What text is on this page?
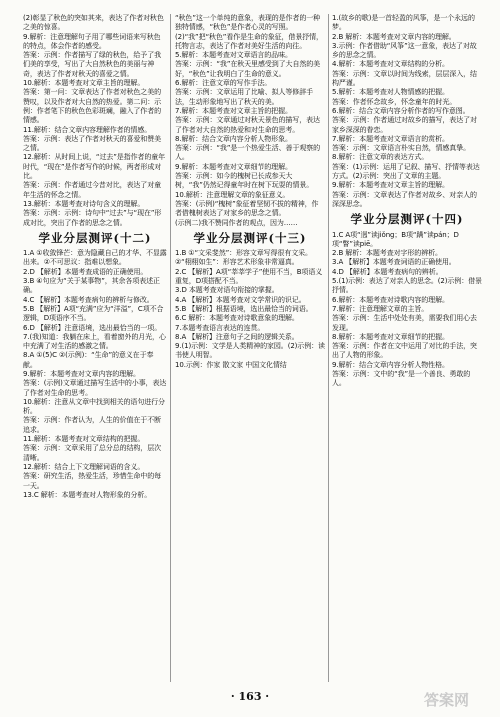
(2)彰显了秋色的突如其来，表达了作者对秋色之美的惊喜。

9.解析：注意理解句子用了哪些词语来写秋色的特点，体会作者的感受。

答案：示例：作者描写了绿的秋色，给予了我们美的享受，写出了大自然秋色的美丽与神奇，表达了作者对秋天的喜爱之情。

10.解析：本题考查对文章主旨的理解。

答案：第一问：文章表达了作者对秋色之美的赞叹，以及作者对大自然的热爱。第二问：示例：作者笔下的秋色色彩斑斓，融入了作者的情感。

11.解析：结合文章内容理解作者的情感。

答案：示例：表达了作者对秋天的喜爱和赞美之情。

12.解析：从时间上说，“过去”是指作者的童年时代，“现在”是作者写作的时候，两者形成对比。

答案：示例：作者通过今昔对比，表达了对童年生活的怀念之情。

13.解析：本题考查对诗句含义的理解。

答案：示例：示例：诗句中“过去”与“现在”形成对比，突出了作者的思念之情。

学业分层测评(十二)

1.A ①收敛锋芒：意为隐藏自己的才华、不显露出来。②不可思议：指难以想象。

2.D 【解析】本题考查成语的正确使用。

3.B ④句应为“关于某事物”，其余各项表述正确。

4.C 【解析】本题考查病句的辨析与修改。

5.B 【解析】A项“充满”应为“洋溢”，C项不合逻辑，D项语序不当。

6.D 【解析】注意语境，选出最恰当的一项。

7.(我)知道：我躺在床上，看着窗外的月光，心中充满了对生活的感激之情。

8.A ①(5)C ②(示例)：“生命”的意义在于奉献。

9.解析：本题考查对文章内容的理解。

答案：(示例)文章通过描写生活中的小事，表达了作者对生命的思考。

10.解析：注意从文章中找到相关的语句进行分析。

答案：示例：作者认为，人生的价值在于不断追求。

11.解析：本题考查对文章结构的把握。

答案：示例：文章采用了总分总的结构，层次清晰。

12.解析：结合上下文理解词语的含义。

答案：研究生活，热爱生活，珍惜生命中的每一天。

13.C 解析：本题考查对人物形象的分析。

“秋色”这一个单纯的意象，表现的是作者的一种独特情感，“秋色”是作者心灵的写照。

(2)“我”把“秋色”看作是生命的象征，借景抒情，托物言志，表达了作者对美好生活的向往。

5.解析：本题考查对文章语言的品味。

答案：示例：“我”在秋天里感受到了大自然的美好，“秋色”让我明白了生命的意义。

6.解析：注意文章的写作手法。

答案：示例：文章运用了比喻、拟人等修辞手法，生动形象地写出了秋天的美。

7.解析：本题考查对文章主旨的把握。

答案：示例：文章通过对秋天景色的描写，表达了作者对大自然的热爱和对生命的思考。

8.解析：结合文章内容分析人物形象。

答案：示例：“我”是一个热爱生活、善于观察的人。

9.解析：本题考查对文章细节的理解。

答案：示例：如今的槐树已长成参天大树，“我”仍然记得童年时在树下玩耍的情景。

10.解析：注意理解文章的象征意义。

答案：(示例)“槐树”象征着坚韧不拔的精神，作者借槐树表达了对家乡的思念之情。

(示例二)我不赞同作者的观点，因为……

学业分层测评(十三)

1.B ①“文采斐然”：形容文章写得很有文采。②“栩栩如生”：形容艺术形象非常逼真。

2.C 【解析】A项“莘莘学子”使用不当，B项语义重复，D项搭配不当。

3.D 本题考查对语句衔接的掌握。

4.A 【解析】本题考查对文学常识的识记。

5.B 【解析】根据语境，选出最恰当的词语。

6.C 解析：本题考查对诗歌意象的理解。

7.本题考查语言表达的连贯。

8.A 【解析】注意句子之间的逻辑关系。

9.(1)示例：文学是人类精神的家园。(2)示例：读书使人明智。

10.示例：作家 散文家 中国文化情结

1.(故乡的歌)是一首轻盈的风筝，是一个永远的梦。

2.B 解析：本题考查对文章内容的理解。

3.示例：作者借助“风筝”这一意象，表达了对故乡的思念之情。

4.解析：本题考查对文章结构的分析。

答案：示例：文章以时间为线索，层层深入，结构严谨。

5.解析：本题考查对人物情感的把握。

答案：作者怀念故乡，怀念童年的时光。

6.解析：结合文章内容分析作者的写作意图。

答案：示例：作者通过对故乡的描写，表达了对家乡深深的眷恋。

7.解析：本题考查对文章语言的赏析。

答案：示例：文章语言朴实自然，情感真挚。

8.解析：注意文章的表达方式。

答案：(1)示例：运用了记叙、描写、抒情等表达方式。(2)示例：突出了文章的主题。

9.解析：本题考查对文章主旨的理解。

答案：示例：文章表达了作者对故乡、对亲人的深深思念。

学业分层测评(十四)

1.C A项“迥”读jiǒng；B项“蹒”读pán；D项“瞥”读piē。

2.B 解析：本题考查对字形的辨析。

3.A 【解析】本题考查词语的正确使用。

4.D 【解析】本题考查病句的辨析。

5.(1)示例：表达了对亲人的思念。(2)示例：借景抒情。

6.解析：本题考查对诗歌内容的理解。

7.解析：注意理解文章的主旨。

答案：示例：生活中处处有美，需要我们用心去发现。

8.解析：本题考查对文章细节的把握。

答案：示例：作者在文中运用了对比的手法，突出了人物的形象。

9.解析：结合文章内容分析人物性格。

答案：示例：文中的“我”是一个善良、勇敢的人。

· 163 ·	答案网
